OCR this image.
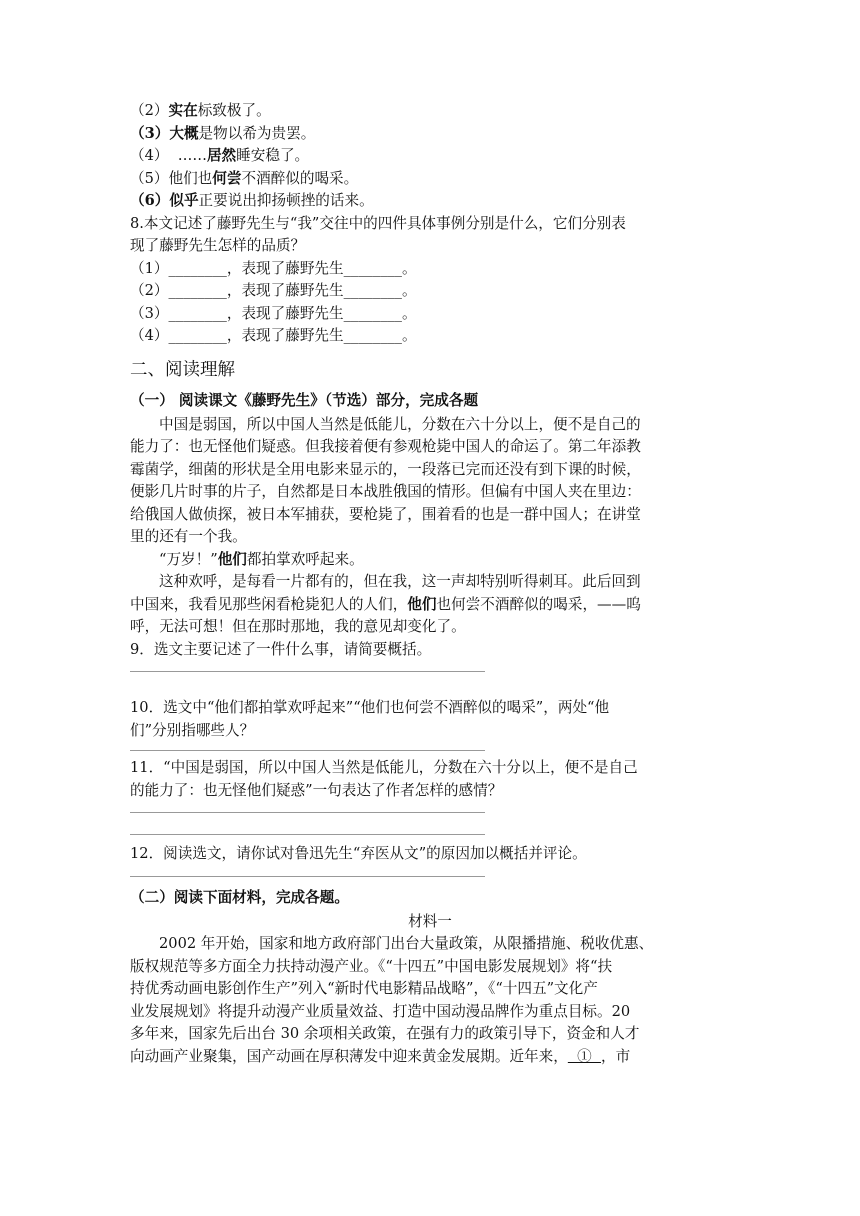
（2）实在标致极了。
（3）大概是物以希为贵罢。
（4）  ……居然睡安稳了。
（5）他们也何尝不酒醉似的喝采。
（6）似乎正要说出抑扬顿挫的话来。
8.本文记述了藤野先生与“我”交往中的四件具体事例分别是什么，它们分别表
现了藤野先生怎样的品质？
（1）________，表现了藤野先生________。
（2）________，表现了藤野先生________。
（3）________，表现了藤野先生________。
（4）________，表现了藤野先生________。
二、阅读理解
（一） 阅读课文《藤野先生》（节选）部分，完成各题
中国是弱国，所以中国人当然是低能儿，分数在六十分以上，便不是自己的
能力了：也无怪他们疑惑。但我接着便有参观枪毙中国人的命运了。第二年添教
霉菌学，细菌的形状是全用电影来显示的，一段落已完而还没有到下课的时候，
便影几片时事的片子，自然都是日本战胜俄国的情形。但偏有中国人夹在里边：
给俄国人做侦探，被日本军捕获，要枪毙了，围着看的也是一群中国人；在讲堂
里的还有一个我。
“万岁！”他们都拍掌欢呼起来。
这种欢呼，是每看一片都有的，但在我，这一声却特别听得刺耳。此后回到
中国来，我看见那些闲看枪毙犯人的人们，他们也何尝不酒醉似的喝采，——呜
呼，无法可想！但在那时那地，我的意见却变化了。
9．选文主要记述了一件什么事，请简要概括。
10．选文中“他们都拍掌欢呼起来”“他们也何尝不酒醉似的喝采”，两处“他
们”分别指哪些人？
11．“中国是弱国，所以中国人当然是低能儿，分数在六十分以上，便不是自己
的能力了：也无怪他们疑惑”一句表达了作者怎样的感情？
12．阅读选文，请你试对鲁迅先生“弃医从文”的原因加以概括并评论。
（二）阅读下面材料，完成各题。
材料一
2002 年开始，国家和地方政府部门出台大量政策，从限播措施、税收优惠、
版权规范等多方面全力扶持动漫产业。《“十四五”中国电影发展规划》将“扶
持优秀动画电影创作生产”列入“新时代电影精品战略”，《“十四五”文化产
业发展规划》将提升动漫产业质量效益、打造中国动漫品牌作为重点目标。20
多年来，国家先后出台 30 余项相关政策，在强有力的政策引导下，资金和人才
向动画产业聚集，国产动画在厚积薄发中迎来黄金发展期。近年来，  ①  ，市
